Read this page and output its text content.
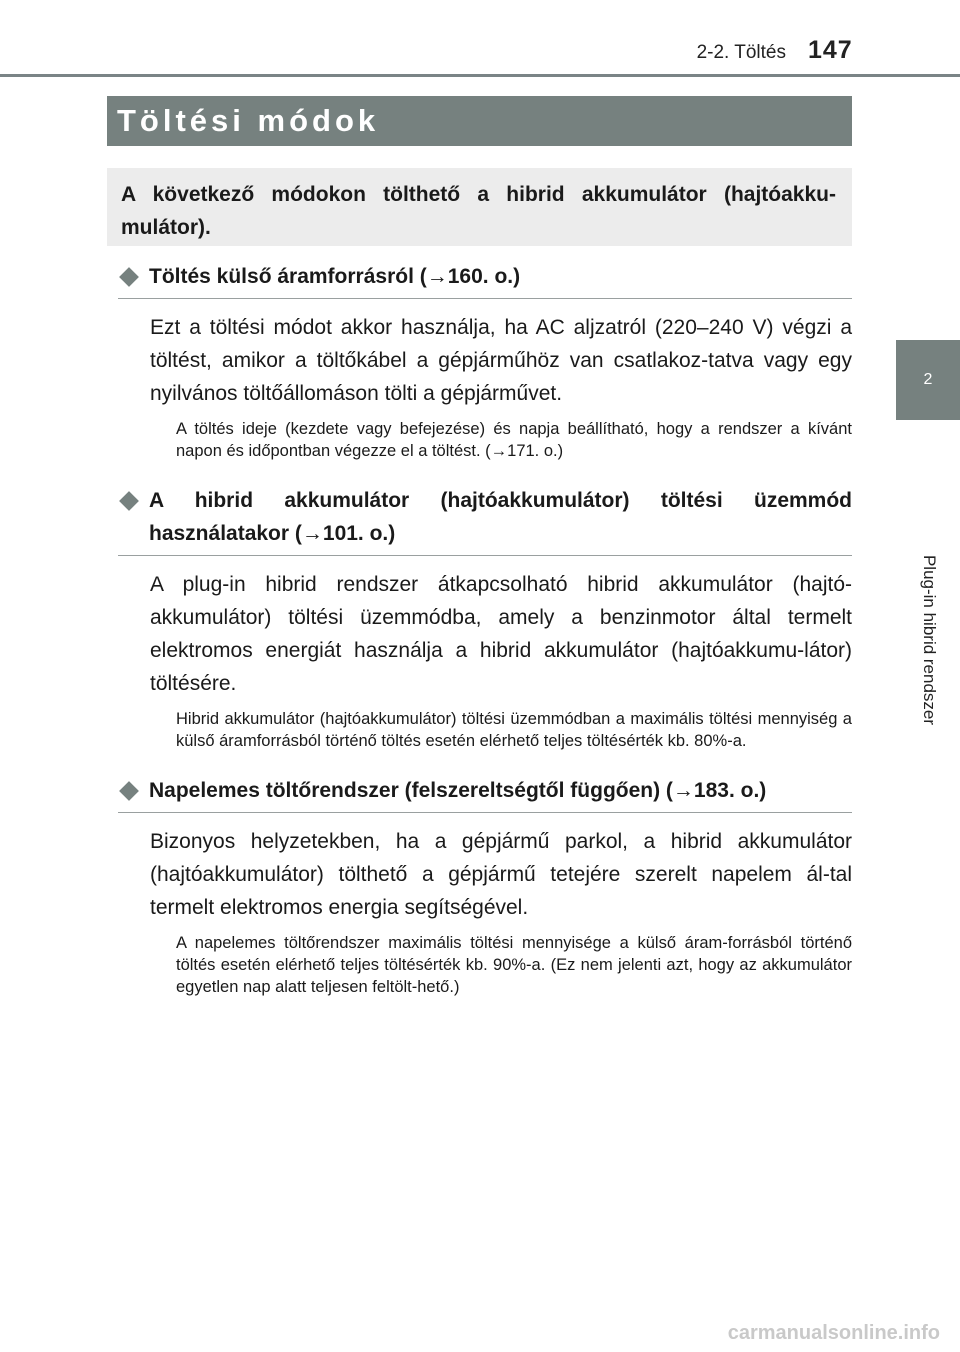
2-2. Töltés 147
2
Plug-in hibrid rendszer
Töltési módok
A következő módokon tölthető a hibrid akkumulátor (hajtóakku-mulátor).
Töltés külső áramforrásról (→160. o.)

Ezt a töltési módot akkor használja, ha AC aljzatról (220–240 V) végzi a töltést, amikor a töltőkábel a gépjárműhöz van csatlakoz-tatva vagy egy nyilvános töltőállomáson tölti a gépjárművet.

A töltés ideje (kezdete vagy befejezése) és napja beállítható, hogy a rendszer a kívánt napon és időpontban végezze el a töltést. (→171. o.)

A hibrid akkumulátor (hajtóakkumulátor) töltési üzemmód használatakor (→101. o.)

A plug-in hibrid rendszer átkapcsolható hibrid akkumulátor (hajtó-akkumulátor) töltési üzemmódba, amely a benzinmotor által termelt elektromos energiát használja a hibrid akkumulátor (hajtóakkumu-látor) töltésére.

Hibrid akkumulátor (hajtóakkumulátor) töltési üzemmódban a maximális töltési mennyiség a külső áramforrásból történő töltés esetén elérhető teljes töltésérték kb. 80%-a.

Napelemes töltőrendszer (felszereltségtől függően) (→183. o.)

Bizonyos helyzetekben, ha a gépjármű parkol, a hibrid akkumulátor (hajtóakkumulátor) tölthető a gépjármű tetejére szerelt napelem ál-tal termelt elektromos energia segítségével.

A napelemes töltőrendszer maximális töltési mennyisége a külső áram-forrásból történő töltés esetén elérhető teljes töltésérték kb. 90%-a. (Ez nem jelenti azt, hogy az akkumulátor egyetlen nap alatt teljesen feltölt-hető.)

carmanualsonline.info
